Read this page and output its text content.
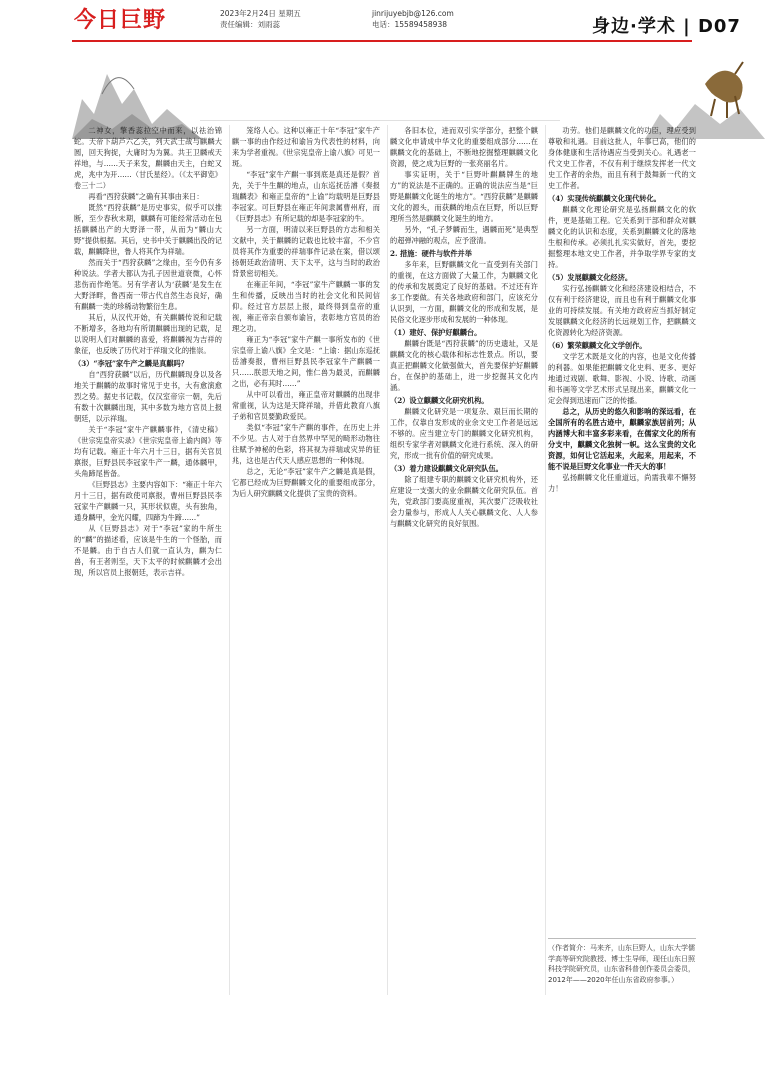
今日巨野	2023年2月24日 星期五
责任编辑：刘雨蕊
jinrijuyebjb@126.com
电话：15589458938	身边·学术 | D07

二神女，擎香蕊拉空中而来，以祛治锦蛇。天帝下葫芦六乙关，列天武士战与麒麟大圆，回天狗捉，大庸时为为翼。共王卫麟戒天祥地，与……天子来发，麒麟由天主，白蛇又虎，兆中为开……（甘氏星经）。（《太平御览》卷三十二）

再看“西狩获麟”之确有其事由来日：

既然“西狩获麟”是历史事实，似乎可以推断，至少春秋末期，麒麟有可能经常活动在包括麒麟出产的大野泽一带，从而为“麟山大野”提供根据。其后，史书中关于麒麟出没的记载，麒麟降世，鲁人将其作为祥瑞。

然而关于“西狩获麟”之缘由，至今仍有多种说法。学者大都认为孔子因世道衰微，心怀悲伤而作绝笔。另有学者认为‘获麟’是发生在大野泽畔，鲁西南一带古代自然生态良好，确有麒麟一类的珍稀动物繁衍生息。

其后，从汉代开始，有关麒麟传说和记载不断增多，各地均有所谓麒麟出现的记载，足以说明人们对麒麟的喜爱，将麒麟视为吉祥的象征，也反映了历代对于祥瑞文化的推崇。

（3）“李冠”家牛产之麟是真麒吗？

自“西狩获麟”以后，历代麒麟现身以及各地关于麒麟的故事时常见于史书，大有愈演愈烈之势。据史书记载，仅汉室帝宗一朝，先后有数十次麒麟出现，其中多数为地方官员上报朝廷，以示祥瑞。

关于“李冠”家牛产麒麟事件，《清史稿》《世宗宪皇帝实录》《世宗宪皇帝上谕内阁》等均有记载。雍正十年六月十三日，据有关官员禀报，巨野县民李冠家牛产一麟，通体麟甲，头角蹄尾皆备。

《巨野县志》主要内容如下：“雍正十年六月十三日，据有政使司禀报，曹州巨野县民李冠家牛产麒麟一只，其形状似鹿，头有独角，通身麟甲，金光闪耀，四蹄为牛蹄……”

从《巨野县志》对于“李冠”家的牛所生的“麟”的描述看，应该是牛生的一个怪胎，而不是麟。由于自古人们就一直认为，麒为仁兽，有王者则至，天下太平的时候麒麟才会出现，所以官员上报朝廷，表示吉祥。

笼络人心。这种以雍正十年“李冠”家牛产麒一事的由作经过和谕旨为代表性的材料，向来为学者重视。《世宗宪皇帝上谕八旗》可见一斑。

“李冠”家牛产麒一事到底是真还是假？首先，关于牛生麒的地点，山东巡抚岳濬《奏报瑞麟表》和雍正皇帝的“上谕”均载明是巨野县李冠家。可巨野县在雍正年间隶属曹州府，而《巨野县志》有所记载的却是李冠家的牛。

另一方面，明清以来巨野县的方志和相关文献中，关于麒麟的记载也比较丰富，不少官员将其作为重要的祥瑞事件记录在案，借以颂扬朝廷政治清明、天下太平，这与当时的政治背景密切相关。

在雍正年间，“李冠”家牛产麒麟一事的发生和传播，反映出当时的社会文化和民间信仰。经过官方层层上报，最终得到皇帝的重视，雍正帝亲自颁布谕旨，表彰地方官员的治理之功。

雍正为“李冠”家牛产麒一事所发布的《世宗皇帝上谕八旗》全文是：“上谕：据山东巡抚岳濬奏报，曹州巨野县民李冠家牛产麒麟一只……朕思天地之间，惟仁兽为最灵，而麒麟之出，必有其时……”

从中可以看出，雍正皇帝对麒麟的出现非常重视，认为这是天降祥瑞，并借此教育八旗子弟和官员要勤政爱民。

类似“李冠”家牛产麒的事件，在历史上并不少见。古人对于自然界中罕见的畸形动物往往赋予神秘的色彩，将其视为祥瑞或灾异的征兆，这也是古代天人感应思想的一种体现。

总之，无论“李冠”家牛产之麟是真是假，它都已经成为巨野麒麟文化的重要组成部分，为后人研究麒麟文化提供了宝贵的资料。

各旧本位，进而双引实学部分，把整个麒麟文化申请成中华文化的重要组成部分……在麒麟文化的基础上，不断地挖掘整理麒麟文化资源，使之成为巨野的一张亮丽名片。

事实证明，关于“巨野叶麒麟牌生的地方”的说法是不正确的。正确的说法应当是“巨野是麒麟文化诞生的地方”。“西狩获麟”是麒麟文化的源头，而获麟的地点在巨野，所以巨野理所当然是麒麟文化诞生的地方。

另外，“孔子梦麟而生，遇麟而死”是典型的超弹冲融的观点，应予澄清。

2. 措施：硬件与软件并举

多年来，巨野麒麟文化一直受到有关部门的重视，在这方面做了大量工作，为麒麟文化的传承和发展奠定了良好的基础。不过还有许多工作要做。有关各地政府和部门，应该充分认识到，一方面，麒麟文化的形成和发展，是民俗文化逐步形成和发展的一种体现。

（1）建好、保护好麒麟台。

麒麟台既是“西狩获麟”的历史遗址，又是麒麟文化的核心载体和标志性景点。所以，要真正把麒麟文化做强做大，首先要保护好麒麟台，在保护的基础上，进一步挖掘其文化内涵。

（2）设立麒麟文化研究机构。

麒麟文化研究是一项复杂、艰巨而长期的工作，仅靠自发形成的业余文史工作者是远远不够的。应当建立专门的麒麟文化研究机构，组织专家学者对麒麟文化进行系统、深入的研究，形成一批有价值的研究成果。

（3）着力建设麒麟文化研究队伍。

除了组建专职的麒麟文化研究机构外，还应建设一支强大的业余麒麟文化研究队伍。首先，党政部门要高度重视，其次要广泛吸收社会力量参与，形成人人关心麒麟文化、人人参与麒麟文化研究的良好氛围。

功劳。他们是麒麟文化的功臣，理应受到尊敬和礼遇。目前这批人，年事已高，他们的身体健康和生活待遇应当受到关心。礼遇老一代文史工作者，不仅有利于继续发挥老一代文史工作者的余热，而且有利于鼓舞新一代的文史工作者。

（4）实现传统麒麟文化现代转化。

麒麟文化理论研究是弘扬麒麟文化的软件，更是基础工程。它关系到干部和群众对麒麟文化的认识和态度，关系到麒麟文化的落地生根和传承。必须扎扎实实做好，首先，要挖掘整理本地文史工作者，并争取学界专家的支持。

（5）发展麒麟文化经济。

实行弘扬麒麟文化和经济建设相结合，不仅有利于经济建设，而且也有利于麒麟文化事业的可持续发展。有关地方政府应当抓好制定发展麒麟文化经济的长远规划工作，把麒麟文化资源转化为经济资源。

（6）繁荣麒麟文化文学创作。

文学艺术既是文化的内容，也是文化传播的利器。如果能把麒麟文化史料、更多、更好地通过戏剧、歌舞、影视、小说、诗歌、动画和书画等文学艺术形式呈现出来，麒麟文化一定会得到迅速而广泛的传播。

总之，从历史的悠久和影响的深远看，在全国所有的名胜古迹中，麒麟家族居前列；从内涵博大和丰富多彩来看，在儒家文化的所有分支中，麒麟文化独树一帜。这么宝贵的文化资源，如何让它活起来，火起来，用起来，不能不说是巨野文化事业一件天大的事！

弘扬麒麟文化任重道远，尚需我辈不懈努力！

（作者简介：马来齐，山东巨野人，山东大学儒学高等研究院教授、博士生导师，现任山东日照科技学院研究员，山东省科普创作委员会委员，2012年——2020年任山东省政府参事。）
